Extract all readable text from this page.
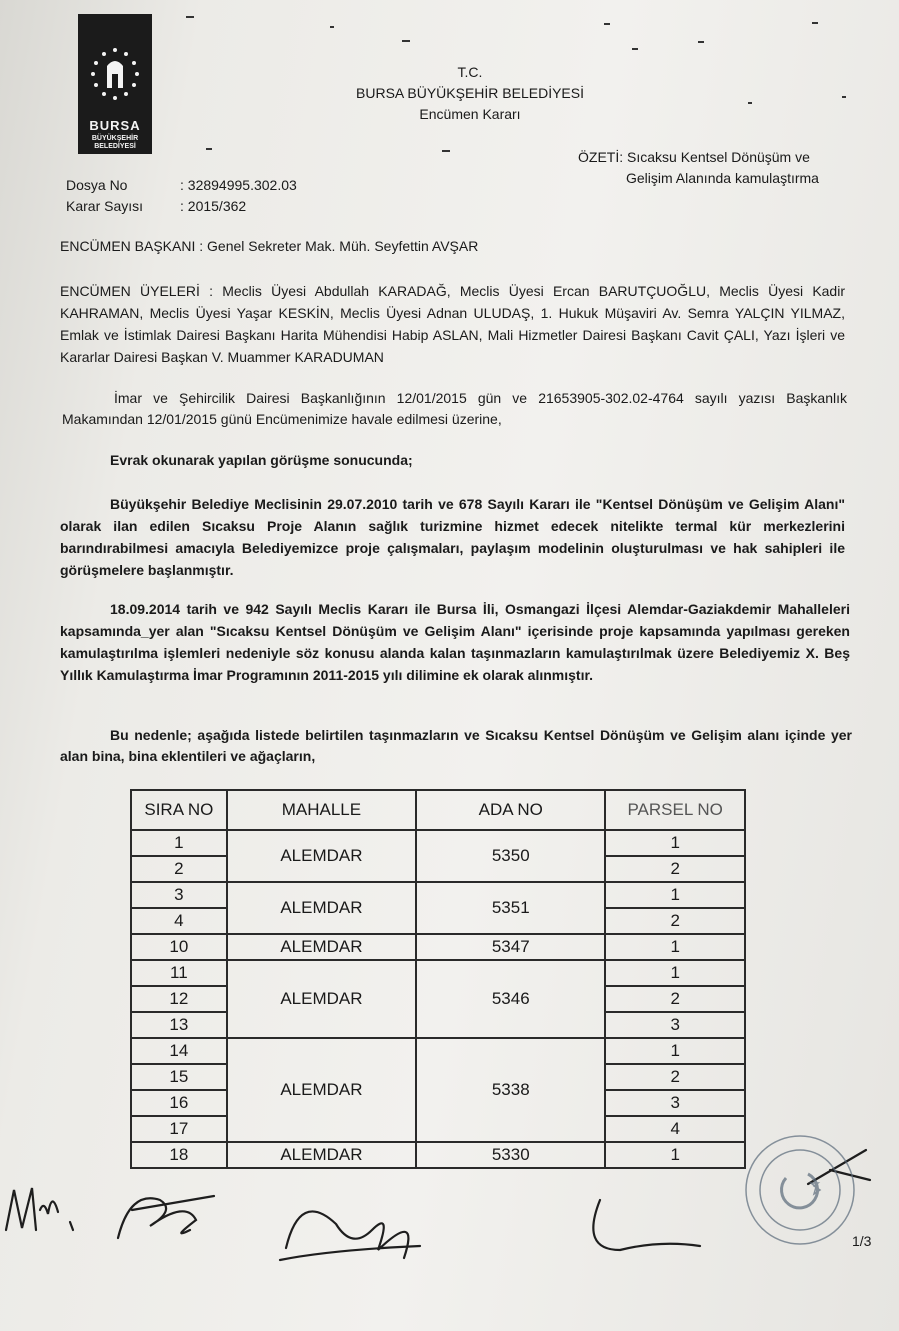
BURSA
BÜYÜKŞEHİR BELEDİYESİ
T.C.
BURSA BÜYÜKŞEHİR BELEDİYESİ
Encümen Kararı
ÖZETİ: Sıcaksu Kentsel Dönüşüm ve
Gelişim Alanında kamulaştırma
Dosya No	: 32894995.302.03
Karar Sayısı	: 2015/362
ENCÜMEN BAŞKANI : Genel Sekreter Mak. Müh. Seyfettin AVŞAR
ENCÜMEN ÜYELERİ : Meclis Üyesi Abdullah KARADAĞ, Meclis Üyesi Ercan BARUTÇUOĞLU, Meclis Üyesi Kadir KAHRAMAN, Meclis Üyesi Yaşar KESKİN, Meclis Üyesi Adnan ULUDAŞ, 1. Hukuk Müşaviri Av. Semra YALÇIN YILMAZ, Emlak ve İstimlak Dairesi Başkanı Harita Mühendisi Habip ASLAN, Mali Hizmetler Dairesi Başkanı Cavit ÇALI, Yazı İşleri ve Kararlar Dairesi Başkan V. Muammer KARADUMAN
İmar ve Şehircilik Dairesi Başkanlığının 12/01/2015 gün ve 21653905-302.02-4764 sayılı yazısı Başkanlık Makamından 12/01/2015 günü Encümenimize havale edilmesi üzerine,
Evrak okunarak yapılan görüşme sonucunda;
Büyükşehir Belediye Meclisinin 29.07.2010 tarih ve 678 Sayılı Kararı ile "Kentsel Dönüşüm ve Gelişim Alanı" olarak ilan edilen Sıcaksu Proje Alanın sağlık turizmine hizmet edecek nitelikte termal kür merkezlerini barındırabilmesi amacıyla Belediyemizce proje çalışmaları, paylaşım modelinin oluşturulması ve hak sahipleri ile görüşmelere başlanmıştır.
18.09.2014 tarih ve 942 Sayılı Meclis Kararı ile Bursa İli, Osmangazi İlçesi Alemdar-Gaziakdemir Mahalleleri kapsamında_yer alan "Sıcaksu Kentsel Dönüşüm ve Gelişim Alanı" içerisinde proje kapsamında yapılması gereken kamulaştırılma işlemleri nedeniyle söz konusu alanda kalan taşınmazların kamulaştırılmak üzere Belediyemiz X. Beş Yıllık Kamulaştırma İmar Programının 2011-2015 yılı dilimine ek olarak alınmıştır.
Bu nedenle; aşağıda listede belirtilen taşınmazların ve Sıcaksu Kentsel Dönüşüm ve Gelişim alanı içinde yer alan bina, bina eklentileri ve ağaçların,
SIRA NO	MAHALLE	ADA NO	PARSEL NO
1	ALEMDAR	5350	1
2			2
3	ALEMDAR	5351	1
4			2
10	ALEMDAR	5347	1
11	ALEMDAR	5346	1
12			2
13			3
14	ALEMDAR	5338	1
15			2
16			3
17			4
18	ALEMDAR	5330	1
1/3
